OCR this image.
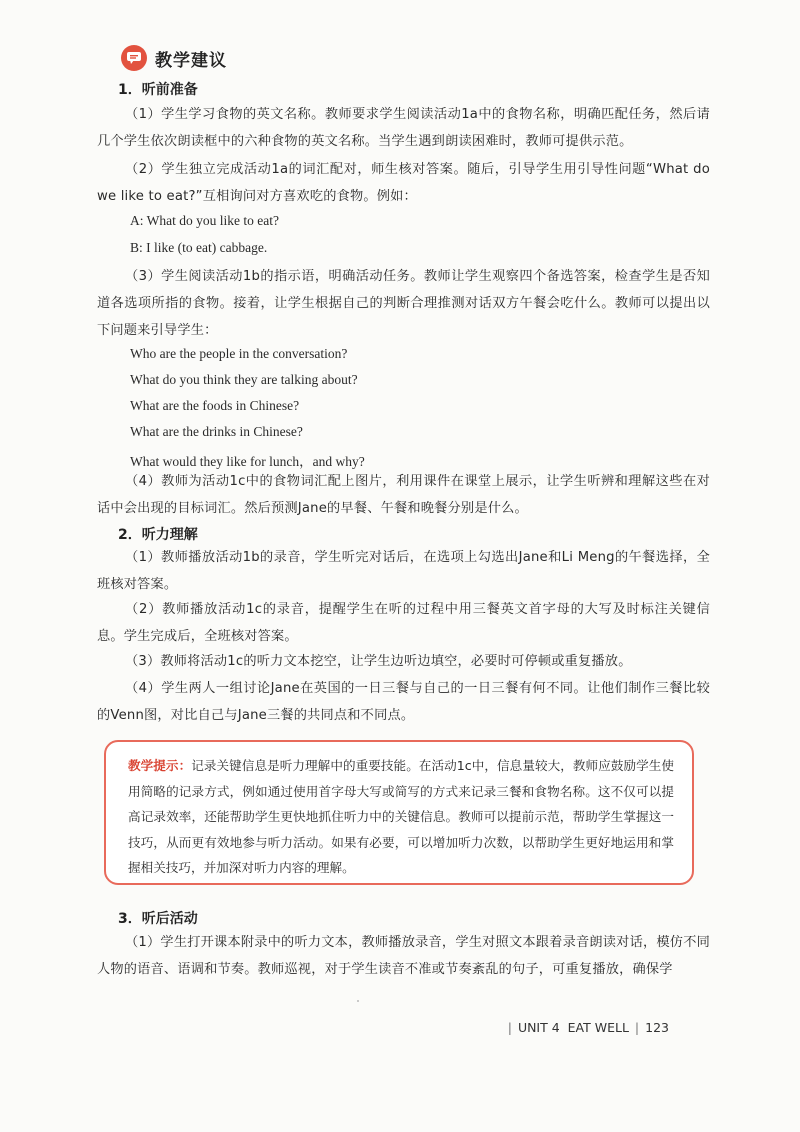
教学建议
1．听前准备
（1）学生学习食物的英文名称。教师要求学生阅读活动1a中的食物名称，明确匹配任务，然后请几个学生依次朗读框中的六种食物的英文名称。当学生遇到朗读困难时，教师可提供示范。
（2）学生独立完成活动1a的词汇配对，师生核对答案。随后，引导学生用引导性问题“What do we like to eat?”互相询问对方喜欢吃的食物。例如：
A: What do you like to eat?
B: I like (to eat) cabbage.
（3）学生阅读活动1b的指示语，明确活动任务。教师让学生观察四个备选答案，检查学生是否知道各选项所指的食物。接着，让学生根据自己的判断合理推测对话双方午餐会吃什么。教师可以提出以下问题来引导学生：
Who are the people in the conversation?
What do you think they are talking about?
What are the foods in Chinese?
What are the drinks in Chinese?
What would they like for lunch，and why?
（4）教师为活动1c中的食物词汇配上图片，利用课件在课堂上展示，让学生听辨和理解这些在对话中会出现的目标词汇。然后预测Jane的早餐、午餐和晚餐分别是什么。
2．听力理解
（1）教师播放活动1b的录音，学生听完对话后，在选项上勾选出Jane和Li Meng的午餐选择，全班核对答案。
（2）教师播放活动1c的录音，提醒学生在听的过程中用三餐英文首字母的大写及时标注关键信息。学生完成后，全班核对答案。
（3）教师将活动1c的听力文本挖空，让学生边听边填空，必要时可停顿或重复播放。
（4）学生两人一组讨论Jane在英国的一日三餐与自己的一日三餐有何不同。让他们制作三餐比较的Venn图，对比自己与Jane三餐的共同点和不同点。
教学提示：记录关键信息是听力理解中的重要技能。在活动1c中，信息量较大，教师应鼓励学生使用简略的记录方式，例如通过使用首字母大写或简写的方式来记录三餐和食物名称。这不仅可以提高记录效率，还能帮助学生更快地抓住听力中的关键信息。教师可以提前示范，帮助学生掌握这一技巧，从而更有效地参与听力活动。如果有必要，可以增加听力次数，以帮助学生更好地运用和掌握相关技巧，并加深对听力内容的理解。
3．听后活动
（1）学生打开课本附录中的听力文本，教师播放录音，学生对照文本跟着录音朗读对话，模仿不同人物的语音、语调和节奏。教师巡视，对于学生读音不准或节奏紊乱的句子，可重复播放，确保学
| UNIT 4 EAT WELL | 123
